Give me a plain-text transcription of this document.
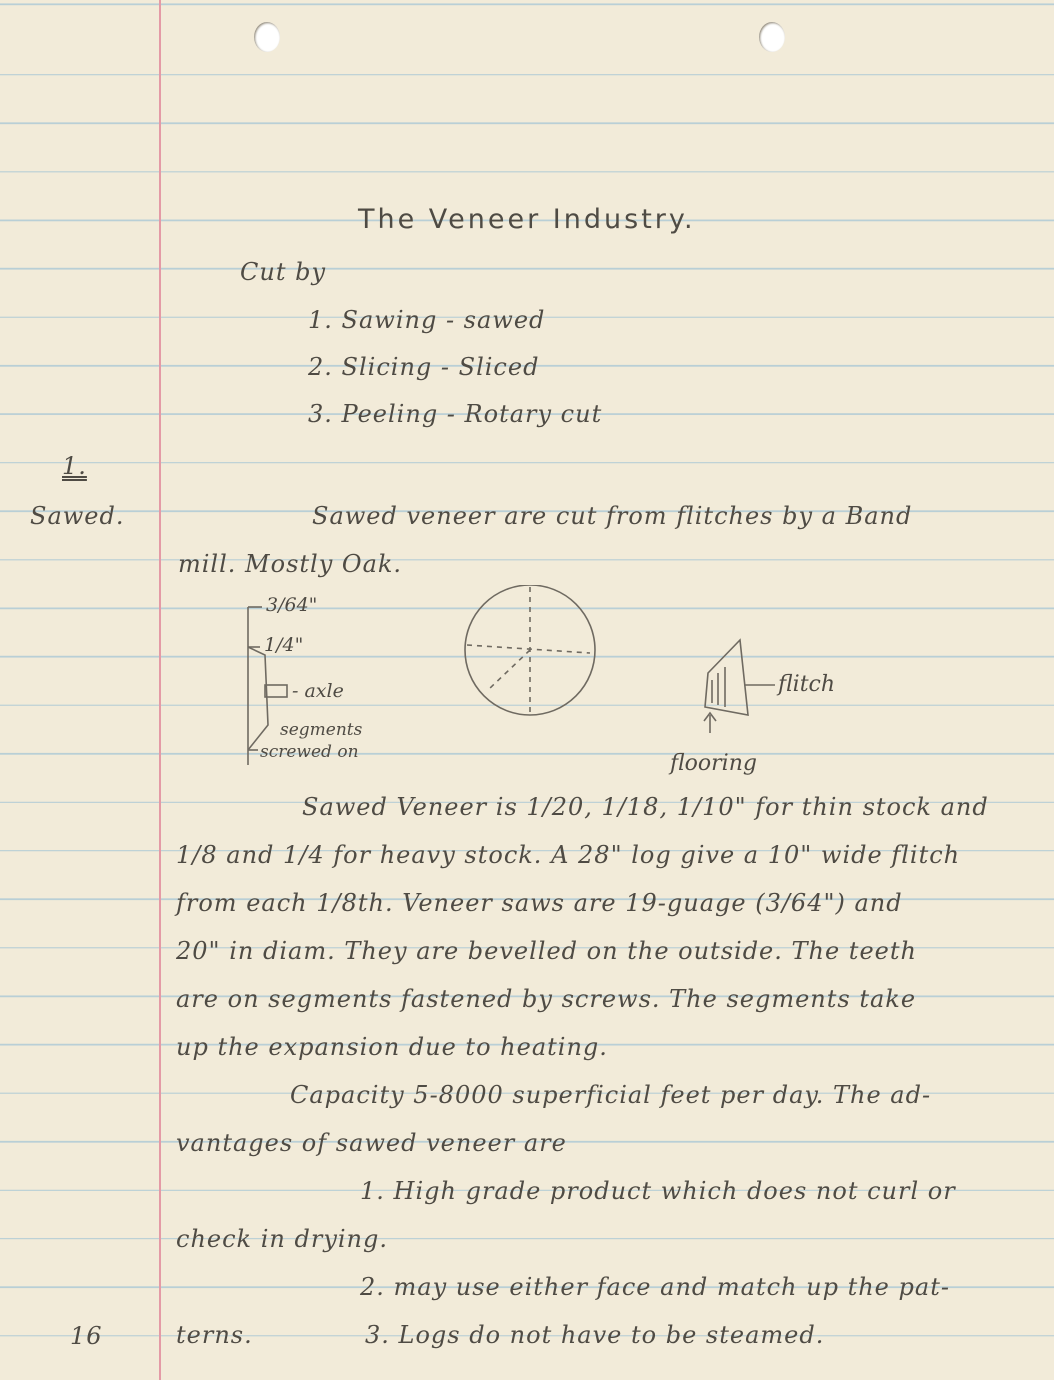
The Veneer Industry.
Cut by
1. Sawing - sawed
2. Slicing - Sliced
3. Peeling - Rotary cut
1.
Sawed.	Sawed veneer are cut from flitches by a Band
mill. Mostly Oak.
3/64"
1/4"
- axle
segments
screwed on
flitch
flooring
Sawed Veneer is 1/20, 1/18, 1/10" for thin stock and
1/8 and 1/4 for heavy stock. A 28" log give a 10" wide flitch
from each 1/8th. Veneer saws are 19-guage (3/64") and
20" in diam. They are bevelled on the outside. The teeth
are on segments fastened by screws. The segments take
up the expansion due to heating.
Capacity 5-8000 superficial feet per day. The ad-
vantages of sawed veneer are
1. High grade product which does not curl or
check in drying.
2. may use either face and match up the pat-
terns.	3. Logs do not have to be steamed.
16
